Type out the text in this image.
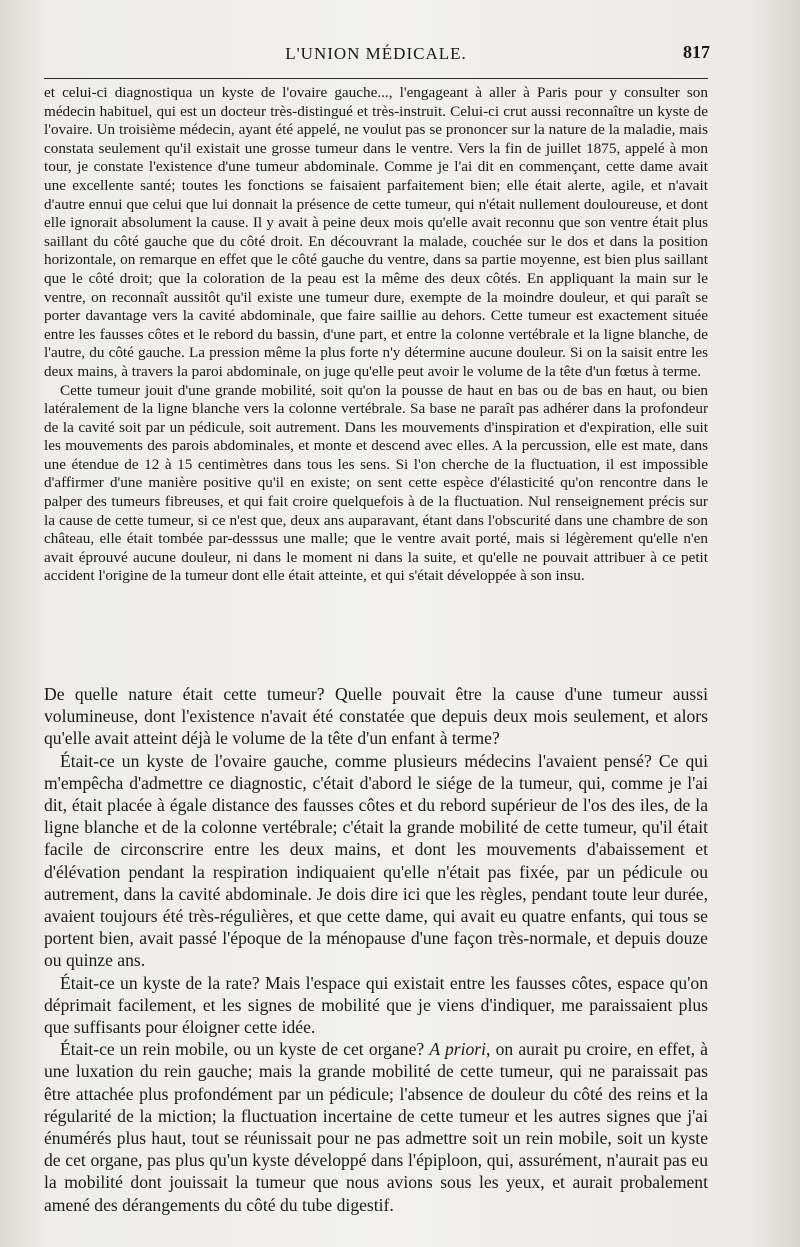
L'UNION MÉDICALE.	817

et celui-ci diagnostiqua un kyste de l'ovaire gauche..., l'engageant à aller à Paris pour y consulter son médecin habituel, qui est un docteur très-distingué et très-instruit. Celui-ci crut aussi reconnaître un kyste de l'ovaire. Un troisième médecin, ayant été appelé, ne voulut pas se prononcer sur la nature de la maladie, mais constata seulement qu'il existait une grosse tumeur dans le ventre. Vers la fin de juillet 1875, appelé à mon tour, je constate l'existence d'une tumeur abdominale. Comme je l'ai dit en commençant, cette dame avait une excellente santé; toutes les fonctions se faisaient parfaitement bien; elle était alerte, agile, et n'avait d'autre ennui que celui que lui donnait la présence de cette tumeur, qui n'était nullement douloureuse, et dont elle ignorait absolument la cause. Il y avait à peine deux mois qu'elle avait reconnu que son ventre était plus saillant du côté gauche que du côté droit. En découvrant la malade, couchée sur le dos et dans la position horizontale, on remarque en effet que le côté gauche du ventre, dans sa partie moyenne, est bien plus saillant que le côté droit; que la coloration de la peau est la même des deux côtés. En appliquant la main sur le ventre, on reconnaît aussitôt qu'il existe une tumeur dure, exempte de la moindre douleur, et qui paraît se porter davantage vers la cavité abdominale, que faire saillie au dehors. Cette tumeur est exactement située entre les fausses côtes et le rebord du bassin, d'une part, et entre la colonne vertébrale et la ligne blanche, de l'autre, du côté gauche. La pression même la plus forte n'y détermine aucune douleur. Si on la saisit entre les deux mains, à travers la paroi abdominale, on juge qu'elle peut avoir le volume de la tête d'un fœtus à terme.

Cette tumeur jouit d'une grande mobilité, soit qu'on la pousse de haut en bas ou de bas en haut, ou bien latéralement de la ligne blanche vers la colonne vertébrale. Sa base ne paraît pas adhérer dans la profondeur de la cavité soit par un pédicule, soit autrement. Dans les mouvements d'inspiration et d'expiration, elle suit les mouvements des parois abdominales, et monte et descend avec elles. A la percussion, elle est mate, dans une étendue de 12 à 15 centimètres dans tous les sens. Si l'on cherche de la fluctuation, il est impossible d'affirmer d'une manière positive qu'il en existe; on sent cette espèce d'élasticité qu'on rencontre dans le palper des tumeurs fibreuses, et qui fait croire quelquefois à de la fluctuation. Nul renseignement précis sur la cause de cette tumeur, si ce n'est que, deux ans auparavant, étant dans l'obscurité dans une chambre de son château, elle était tombée par-desssus une malle; que le ventre avait porté, mais si légèrement qu'elle n'en avait éprouvé aucune douleur, ni dans le moment ni dans la suite, et qu'elle ne pouvait attribuer à ce petit accident l'origine de la tumeur dont elle était atteinte, et qui s'était développée à son insu.

De quelle nature était cette tumeur? Quelle pouvait être la cause d'une tumeur aussi volumineuse, dont l'existence n'avait été constatée que depuis deux mois seulement, et alors qu'elle avait atteint déjà le volume de la tête d'un enfant à terme?

Était-ce un kyste de l'ovaire gauche, comme plusieurs médecins l'avaient pensé? Ce qui m'empêcha d'admettre ce diagnostic, c'était d'abord le siége de la tumeur, qui, comme je l'ai dit, était placée à égale distance des fausses côtes et du rebord supérieur de l'os des iles, de la ligne blanche et de la colonne vertébrale; c'était la grande mobilité de cette tumeur, qu'il était facile de circonscrire entre les deux mains, et dont les mouvements d'abaissement et d'élévation pendant la respiration indiquaient qu'elle n'était pas fixée, par un pédicule ou autrement, dans la cavité abdominale. Je dois dire ici que les règles, pendant toute leur durée, avaient toujours été très-régulières, et que cette dame, qui avait eu quatre enfants, qui tous se portent bien, avait passé l'époque de la ménopause d'une façon très-normale, et depuis douze ou quinze ans.

Était-ce un kyste de la rate? Mais l'espace qui existait entre les fausses côtes, espace qu'on déprimait facilement, et les signes de mobilité que je viens d'indiquer, me paraissaient plus que suffisants pour éloigner cette idée.

Était-ce un rein mobile, ou un kyste de cet organe? A priori, on aurait pu croire, en effet, à une luxation du rein gauche; mais la grande mobilité de cette tumeur, qui ne paraissait pas être attachée plus profondément par un pédicule; l'absence de douleur du côté des reins et la régularité de la miction; la fluctuation incertaine de cette tumeur et les autres signes que j'ai énumérés plus haut, tout se réunissait pour ne pas admettre soit un rein mobile, soit un kyste de cet organe, pas plus qu'un kyste développé dans l'épiploon, qui, assurément, n'aurait pas eu la mobilité dont jouissait la tumeur que nous avions sous les yeux, et aurait probalement amené des dérangements du côté du tube digestif.
